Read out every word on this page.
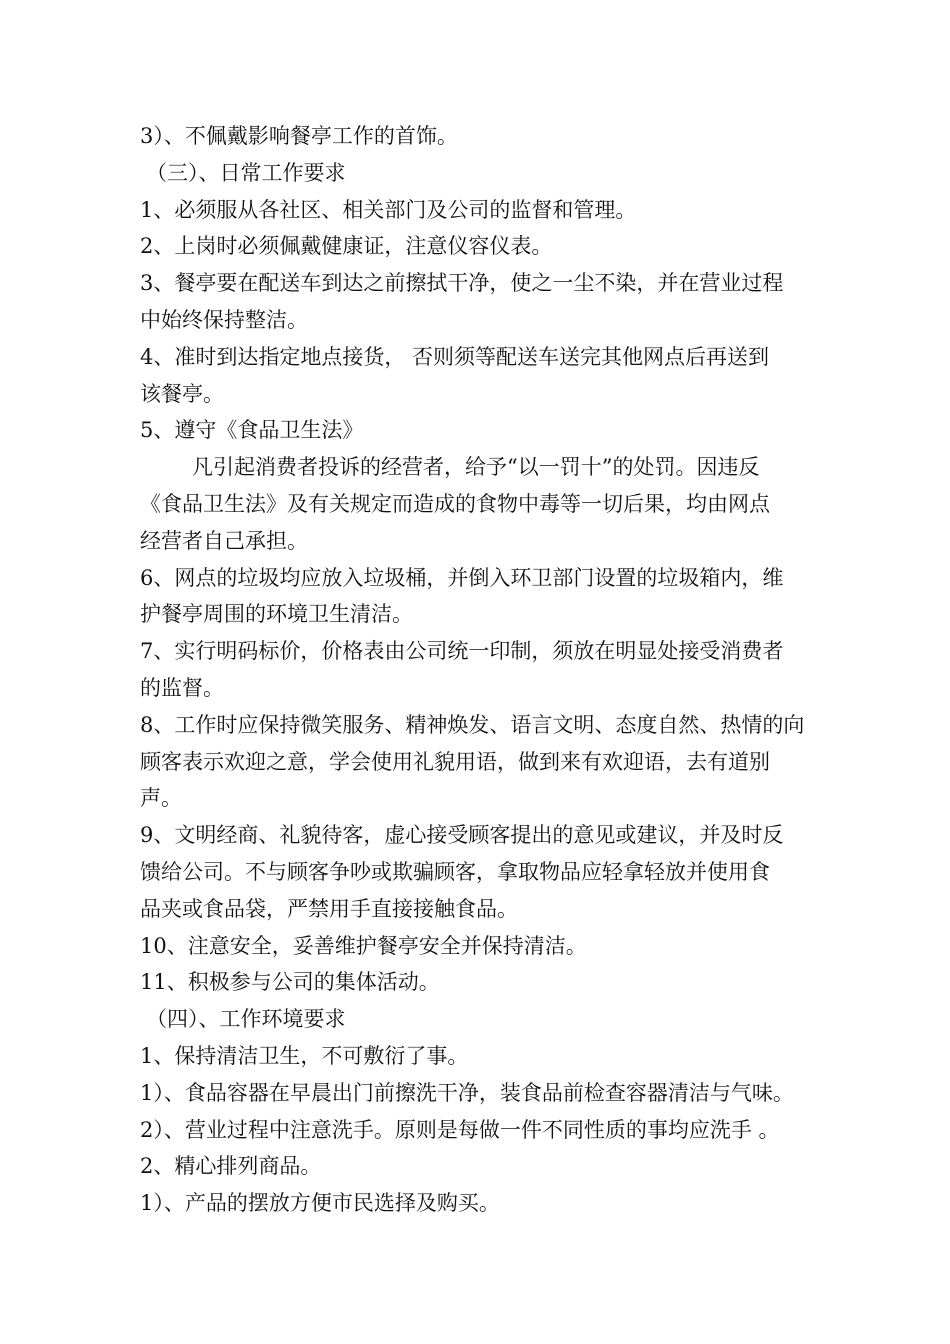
3）、不佩戴影响餐亭工作的首饰。
（三）、日常工作要求
1、必须服从各社区、相关部门及公司的监督和管理。
2、上岗时必须佩戴健康证，注意仪容仪表。
3、餐亭要在配送车到达之前擦拭干净，使之一尘不染，并在营业过程
中始终保持整洁。
4、准时到达指定地点接货， 否则须等配送车送完其他网点后再送到
该餐亭。
5、遵守《食品卫生法》
凡引起消费者投诉的经营者，给予“以一罚十”的处罚。因违反
《食品卫生法》及有关规定而造成的食物中毒等一切后果，均由网点
经营者自己承担。
6、网点的垃圾均应放入垃圾桶，并倒入环卫部门设置的垃圾箱内，维
护餐亭周围的环境卫生清洁。
7、实行明码标价，价格表由公司统一印制，须放在明显处接受消费者
的监督。
8、工作时应保持微笑服务、精神焕发、语言文明、态度自然、热情的向
顾客表示欢迎之意，学会使用礼貌用语，做到来有欢迎语，去有道别
声。
9、文明经商、礼貌待客，虚心接受顾客提出的意见或建议，并及时反
馈给公司。不与顾客争吵或欺骗顾客，拿取物品应轻拿轻放并使用食
品夹或食品袋，严禁用手直接接触食品。
10、注意安全，妥善维护餐亭安全并保持清洁。
11、积极参与公司的集体活动。
（四）、工作环境要求
1、保持清洁卫生，不可敷衍了事。
1）、食品容器在早晨出门前擦洗干净，装食品前检查容器清洁与气味。
2）、营业过程中注意洗手。原则是每做一件不同性质的事均应洗手 。
2、精心排列商品。
1）、产品的摆放方便市民选择及购买。
